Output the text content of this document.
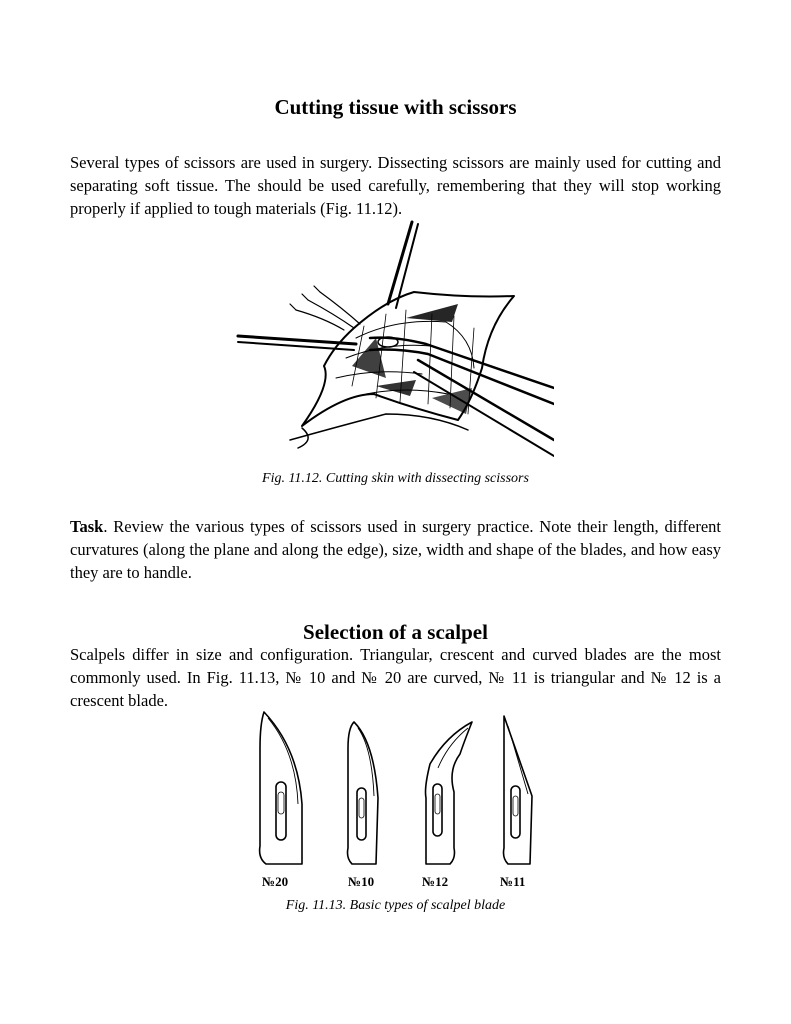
Cutting tissue with scissors

Several types of scissors are used in surgery. Dissecting scissors are mainly used for cutting and separating soft tissue. The should be used carefully, remembering that they will stop working properly if applied to tough materials (Fig. 11.12).

Fig. 11.12. Cutting skin with dissecting scissors

Task. Review the various types of scissors used in surgery practice. Note their length, different curvatures (along the plane and along the edge), size, width and shape of the blades, and how easy they are to handle.

Selection of a scalpel

Scalpels differ in size and configuration. Triangular, crescent and curved blades are the most commonly used. In Fig. 11.13, № 10 and № 20 are curved, № 11 is triangular and № 12 is a crescent blade.

№20	№10	№12	№11

Fig. 11.13. Basic types of scalpel blade
